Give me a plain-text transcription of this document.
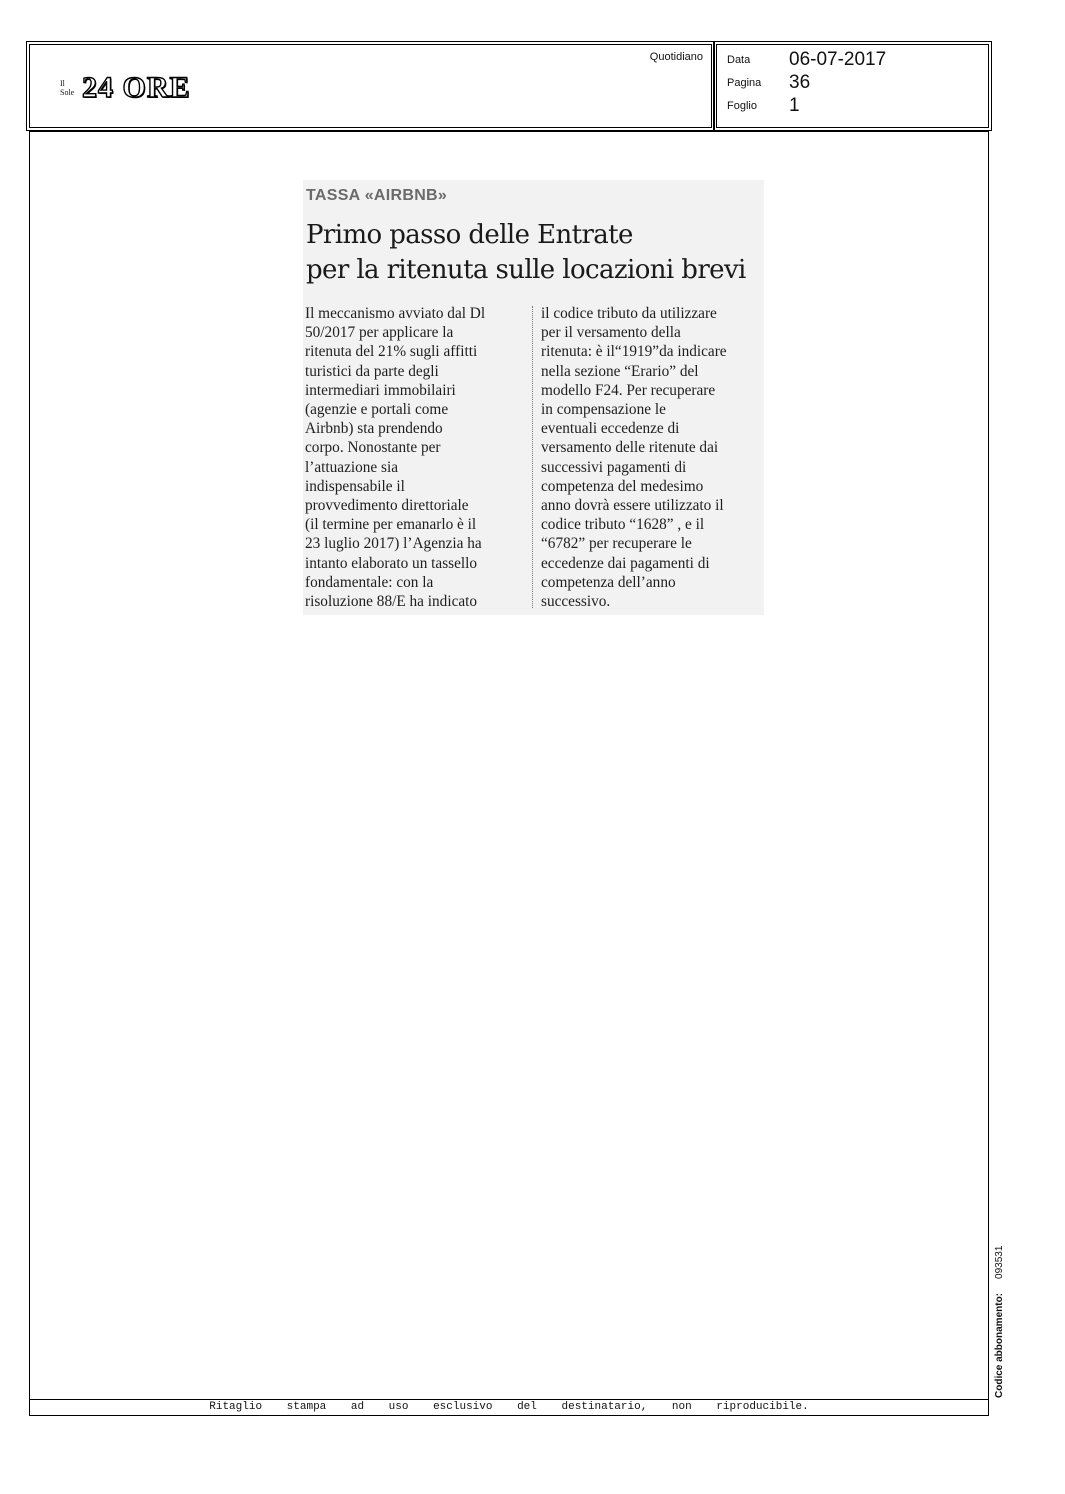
Il Sole 24 ORE
Quotidiano Data 06-07-2017
Pagina 36
Foglio 1
Ritaglio stampa ad uso esclusivo del destinatario, non riproducibile.
TASSA «AIRBNB»
Primo passo delle Entrate
per la ritenuta sulle locazioni brevi
Il meccanismo avviato dal Dl
50/2017 per applicare la
ritenuta del 21% sugli affitti
turistici da parte degli
intermediari immobilairi
(agenzie e portali come
Airbnb) sta prendendo
corpo. Nonostante per
l’attuazione sia
indispensabile il
provvedimento direttoriale
(il termine per emanarlo è il
23 luglio 2017) l’Agenzia ha
intanto elaborato un tassello
fondamentale: con la
risoluzione 88/E ha indicato
il codice tributo da utilizzare
per il versamento della
ritenuta: è il“1919”da indicare
nella sezione “Erario” del
modello F24. Per recuperare
in compensazione le
eventuali eccedenze di
versamento delle ritenute dai
successivi pagamenti di
competenza del medesimo
anno dovrà essere utilizzato il
codice tributo “1628” , e il
“6782” per recuperare le
eccedenze dai pagamenti di
competenza dell’anno
successivo.
Codice abbonamento:093531
